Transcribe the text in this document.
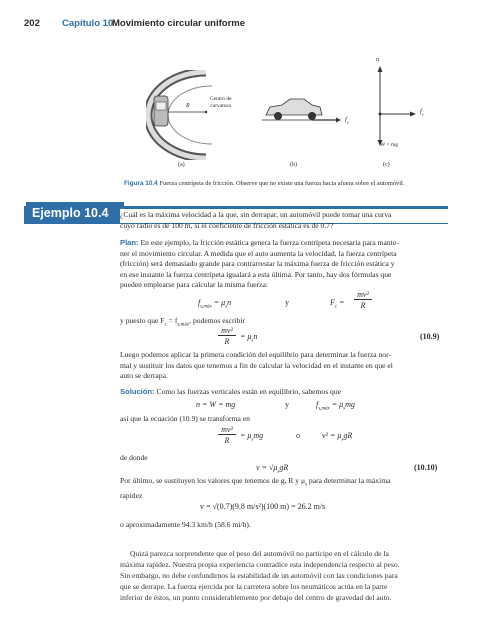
202 Capítulo 10
Movimiento circular uniforme
R
Centro de
curvatura
$f_s$
n
$f_s$
W = mg
(a)	(b)	(c)
Figura 10.4 Fuerza centrípeta de fricción. Observe que no existe una fuerza hacia afuera sobre el automóvil.
Ejemplo 10.4	¿Cuál es la máxima velocidad a la que, sin derrapar, un automóvil puede tomar una curva
cuyo radio es de 100 m, si el coeficiente de fricción estática es de 0.7?
Plan: En este ejemplo, la fricción estática genera la fuerza centrípeta necesaria para mante-
ner el movimiento circular. A medida que el auto aumenta la velocidad, la fuerza centrípeta
(fricción) será demasiado grande para contrarrestar la máxima fuerza de fricción estática y
en ese instante la fuerza centrípeta igualará a esta última. Por tanto, hay dos fórmulas que
pueden emplearse para calcular la misma fuerza:
$f_{s,máx} = \mu_sn$	y	$F_c$ =
mv²
R
y puesto que $F_c = f_{s,máx}$, podemos escribir
mv²
R
= $\mu_sn$	(10.9)
Luego podemos aplicar la primera condición del equilibrio para determinar la fuerza nor-
mal y sustituir los datos que tenemos a fin de calcular la velocidad en el instante en que el
auto se derrapa.
Solución: Como las fuerzas verticales están en equilibrio, sabemos que
n = W = mg	y	$f_{s,máx} = \mu_smg$
así que la ecuación (10.9) se transforma en
mv²
R
= $\mu_smg$	o	$v^2 = \mu_sgR$
de donde
$v = √\mu_sgR$	(10.10)
Por último, se sustituyen los valores que tenemos de g, R y $\mu_s$ para determinar la máxima
rapidez
v = √(0.7)(9.8 m/s²)(100 m) = 26.2 m/s
o aproximadamente 94.3 km/h (58.6 mi/h).
Quizá parezca sorprendente que el peso del automóvil no participe en el cálculo de la
máxima rapidez. Nuestra propia experiencia contradice esta independencia respecto al peso.
Sin embargo, no debe confundirnos la estabilidad de un automóvil con las condiciones para
que se derrape. La fuerza ejercida por la carretera sobre los neumáticos actúa en la parte
inferior de éstos, un punto considerablemente por debajo del centro de gravedad del auto.
